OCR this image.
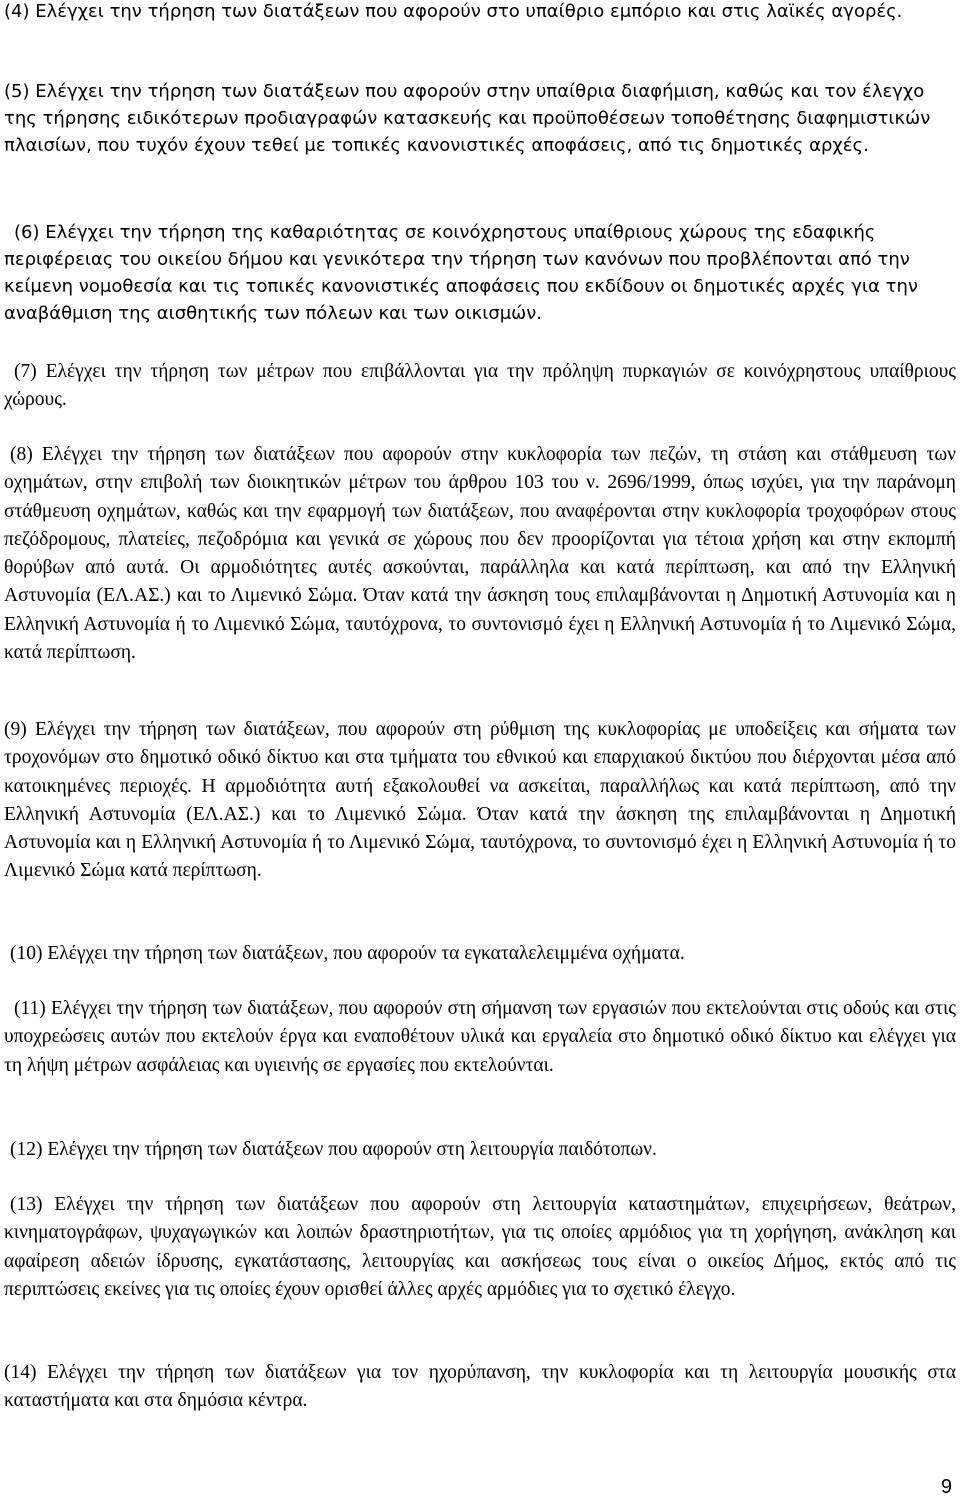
(4) Ελέγχει την τήρηση των διατάξεων που αφορούν στο υπαίθριο εμπόριο και στις λαϊκές αγορές.

(5) Ελέγχει την τήρηση των διατάξεων που αφορούν στην υπαίθρια διαφήμιση, καθώς και τον έλεγχο της τήρησης ειδικότερων προδιαγραφών κατασκευής και προϋποθέσεων τοποθέτησης διαφημιστικών πλαισίων, που τυχόν έχουν τεθεί με τοπικές κανονιστικές αποφάσεις, από τις δημοτικές αρχές.

(6) Ελέγχει την τήρηση της καθαριότητας σε κοινόχρηστους υπαίθριους χώρους της εδαφικής περιφέρειας του οικείου δήμου και γενικότερα την τήρηση των κανόνων που προβλέπονται από την κείμενη νομοθεσία και τις τοπικές κανονιστικές αποφάσεις που εκδίδουν οι δημοτικές αρχές για την αναβάθμιση της αισθητικής των πόλεων και των οικισμών.

(7) Ελέγχει την τήρηση των μέτρων που επιβάλλονται για την πρόληψη πυρκαγιών σε κοινόχρηστους υπαίθριους χώρους.

(8) Ελέγχει την τήρηση των διατάξεων που αφορούν στην κυκλοφορία των πεζών, τη στάση και στάθμευση των οχημάτων, στην επιβολή των διοικητικών μέτρων του άρθρου 103 του ν. 2696/1999, όπως ισχύει, για την παράνομη στάθμευση οχημάτων, καθώς και την εφαρμογή των διατάξεων, που αναφέρονται στην κυκλοφορία τροχοφόρων στους πεζόδρομους, πλατείες, πεζοδρόμια και γενικά σε χώρους που δεν προορίζονται για τέτοια χρήση και στην εκπομπή θορύβων από αυτά. Οι αρμοδιότητες αυτές ασκούνται, παράλληλα και κατά περίπτωση, και από την Ελληνική Αστυνομία (ΕΛ.ΑΣ.) και το Λιμενικό Σώμα. Όταν κατά την άσκηση τους επιλαμβάνονται η Δημοτική Αστυνομία και η Ελληνική Αστυνομία ή το Λιμενικό Σώμα, ταυτόχρονα, το συντονισμό έχει η Ελληνική Αστυνομία ή το Λιμενικό Σώμα, κατά περίπτωση.

(9) Ελέγχει την τήρηση των διατάξεων, που αφορούν στη ρύθμιση της κυκλοφορίας με υποδείξεις και σήματα των τροχονόμων στο δημοτικό οδικό δίκτυο και στα τμήματα του εθνικού και επαρχιακού δικτύου που διέρχονται μέσα από κατοικημένες περιοχές. Η αρμοδιότητα αυτή εξακολουθεί να ασκείται, παραλλήλως και κατά περίπτωση, από την Ελληνική Αστυνομία (ΕΛ.ΑΣ.) και το Λιμενικό Σώμα. Όταν κατά την άσκηση της επιλαμβάνονται η Δημοτική Αστυνομία και η Ελληνική Αστυνομία ή το Λιμενικό Σώμα, ταυτόχρονα, το συντονισμό έχει η Ελληνική Αστυνομία ή το Λιμενικό Σώμα κατά περίπτωση.

(10) Ελέγχει την τήρηση των διατάξεων, που αφορούν τα εγκαταλελειμμένα οχήματα.

(11) Ελέγχει την τήρηση των διατάξεων, που αφορούν στη σήμανση των εργασιών που εκτελούνται στις οδούς και στις υποχρεώσεις αυτών που εκτελούν έργα και εναποθέτουν υλικά και εργαλεία στο δημοτικό οδικό δίκτυο και ελέγχει για τη λήψη μέτρων ασφάλειας και υγιεινής σε εργασίες που εκτελούνται.

(12) Ελέγχει την τήρηση των διατάξεων που αφορούν στη λειτουργία παιδότοπων.

(13) Ελέγχει την τήρηση των διατάξεων που αφορούν στη λειτουργία καταστημάτων, επιχειρήσεων, θεάτρων, κινηματογράφων, ψυχαγωγικών και λοιπών δραστηριοτήτων, για τις οποίες αρμόδιος για τη χορήγηση, ανάκληση και αφαίρεση αδειών ίδρυσης, εγκατάστασης, λειτουργίας και ασκήσεως τους είναι ο οικείος Δήμος, εκτός από τις περιπτώσεις εκείνες για τις οποίες έχουν ορισθεί άλλες αρχές αρμόδιες για το σχετικό έλεγχο.

(14) Ελέγχει την τήρηση των διατάξεων για τον ηχορύπανση, την κυκλοφορία και τη λειτουργία μουσικής στα καταστήματα και στα δημόσια κέντρα.

9
